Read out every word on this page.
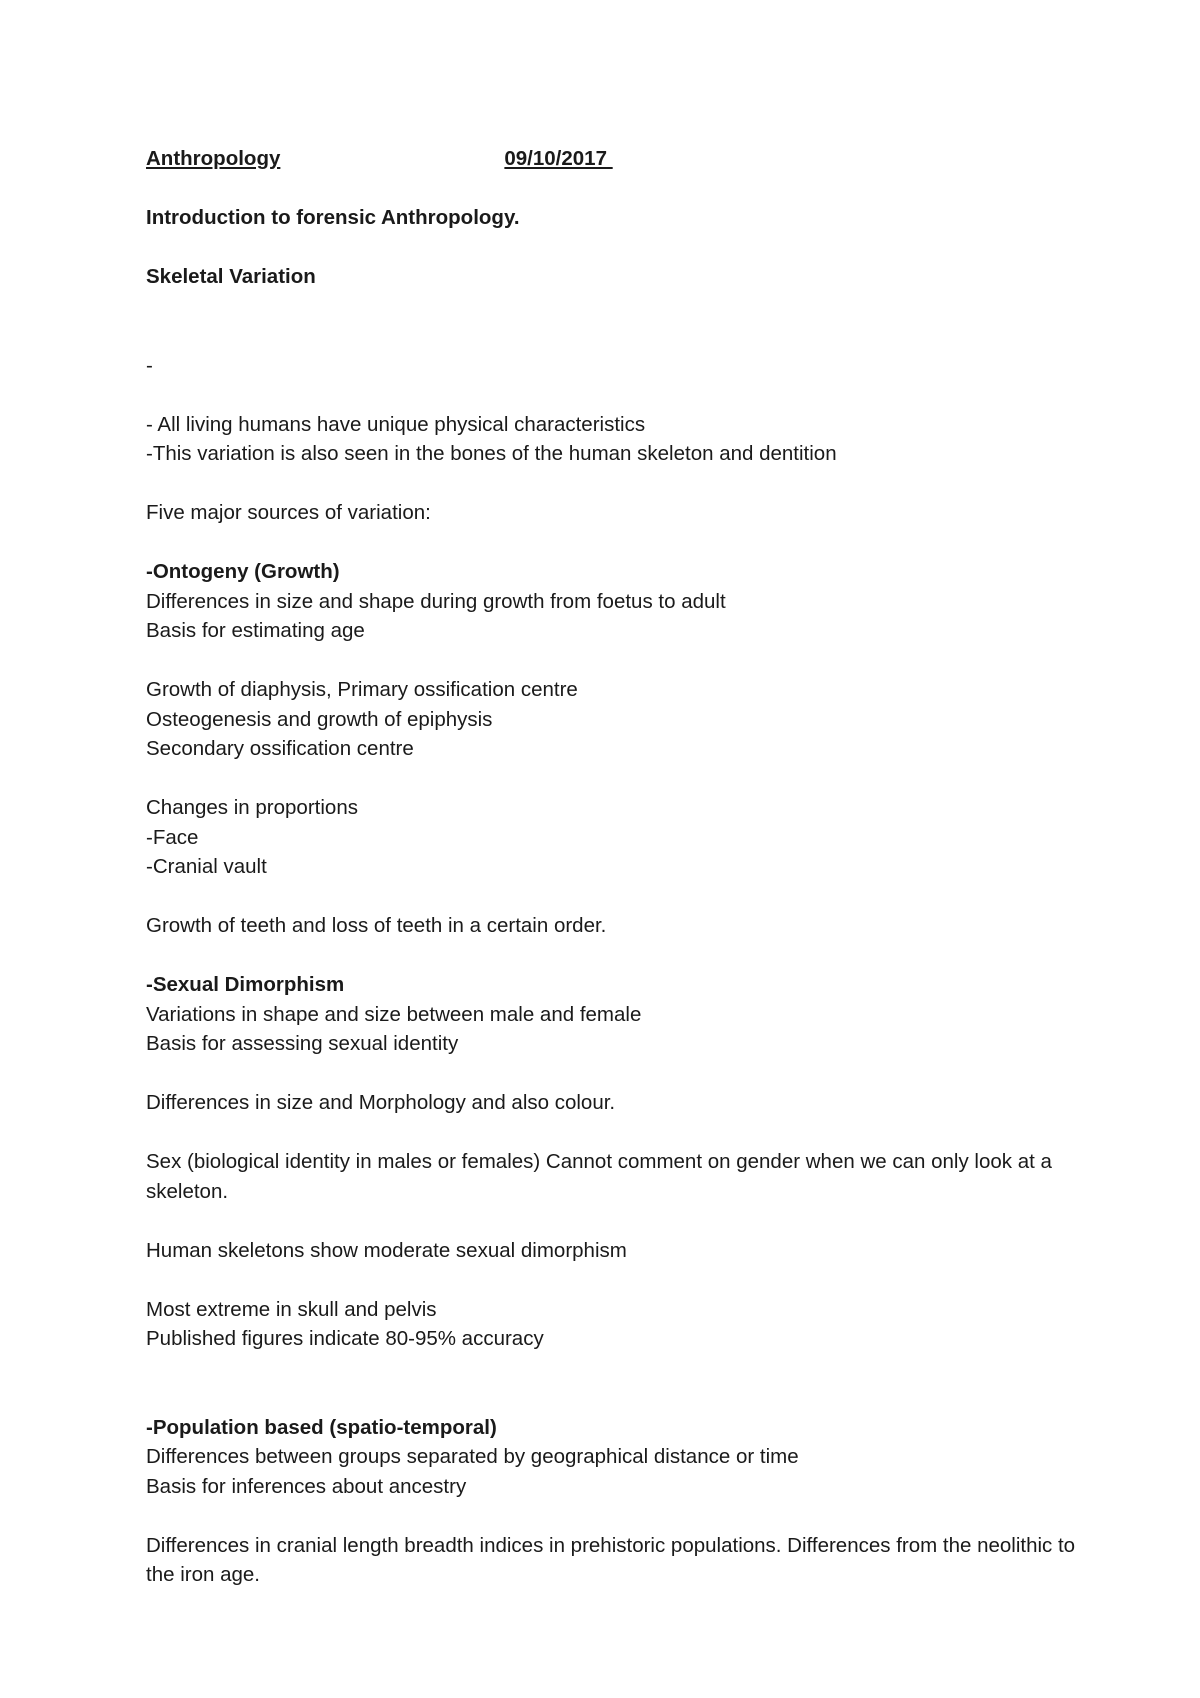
Anthropology	09/10/2017
Introduction to forensic Anthropology.
Skeletal Variation
-
- All living humans have unique physical characteristics
-This variation is also seen in the bones of the human skeleton and dentition
Five major sources of variation:
-Ontogeny (Growth)
Differences in size and shape during growth from foetus to adult
Basis for estimating age
Growth of diaphysis, Primary ossification centre
Osteogenesis and growth of epiphysis
Secondary ossification centre
Changes in proportions
-Face
-Cranial vault
Growth of teeth and loss of teeth in a certain order.
-Sexual Dimorphism
Variations in shape and size between male and female
Basis for assessing sexual identity
Differences in size and Morphology and also colour.
Sex (biological identity in males or females) Cannot comment on gender when we can only look at a skeleton.
Human skeletons show moderate sexual dimorphism
Most extreme in skull and pelvis
Published figures indicate 80-95% accuracy
-Population based (spatio-temporal)
Differences between groups separated by geographical distance or time
Basis for inferences about ancestry
Differences in cranial length breadth indices in prehistoric populations. Differences from the neolithic to the iron age.
